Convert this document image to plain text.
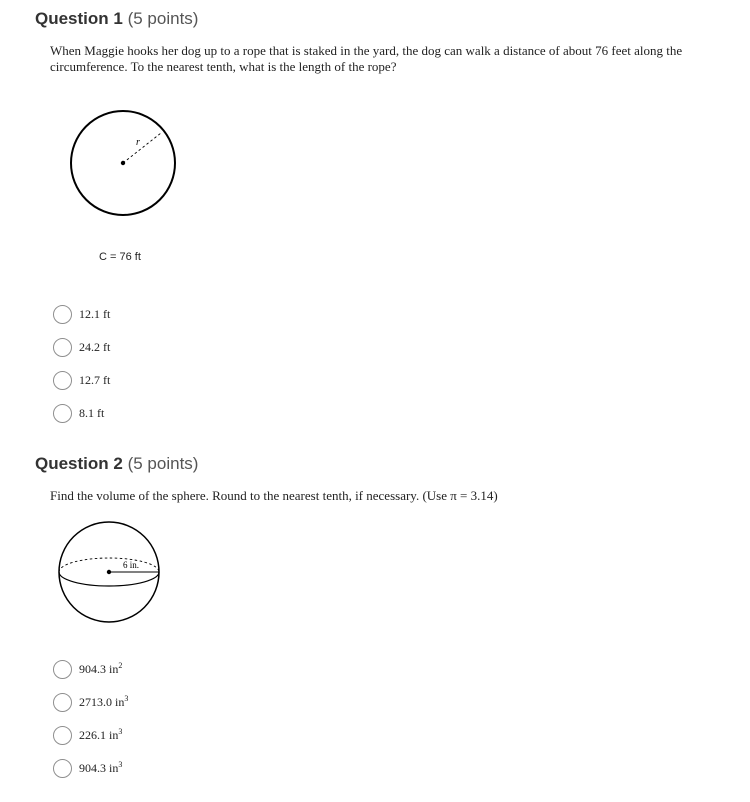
Question 1 (5 points)

When Maggie hooks her dog up to a rope that is staked in the yard, the dog can walk a distance of about 76 feet along the circumference. To the nearest tenth, what is the length of the rope?

r
C = 76 ft
12.1 ft
24.2 ft
12.7 ft
8.1 ft
Question 2 (5 points)

Find the volume of the sphere. Round to the nearest tenth, if necessary. (Use π = 3.14)

6 in.
904.3 $in^2$
2713.0 $in^3$
226.1 $in^3$
904.3 $in^3$
